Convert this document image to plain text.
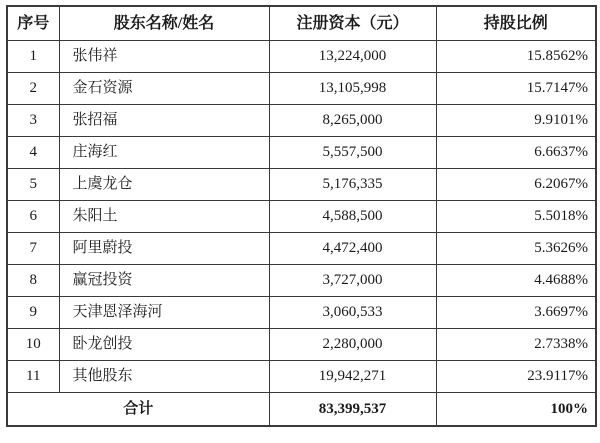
序号	股东名称/姓名	注册资本（元）	持股比例
1	张伟祥	13,224,000	15.8562%
2	金石资源	13,105,998	15.7147%
3	张招福	8,265,000	9.9101%
4	庄海红	5,557,500	6.6637%
5	上虞龙仓	5,176,335	6.2067%
6	朱阳土	4,588,500	5.5018%
7	阿里蔚投	4,472,400	5.3626%
8	赢冠投资	3,727,000	4.4688%
9	天津恩泽海河	3,060,533	3.6697%
10	卧龙创投	2,280,000	2.7338%
11	其他股东	19,942,271	23.9117%
合计		83,399,537	100%
